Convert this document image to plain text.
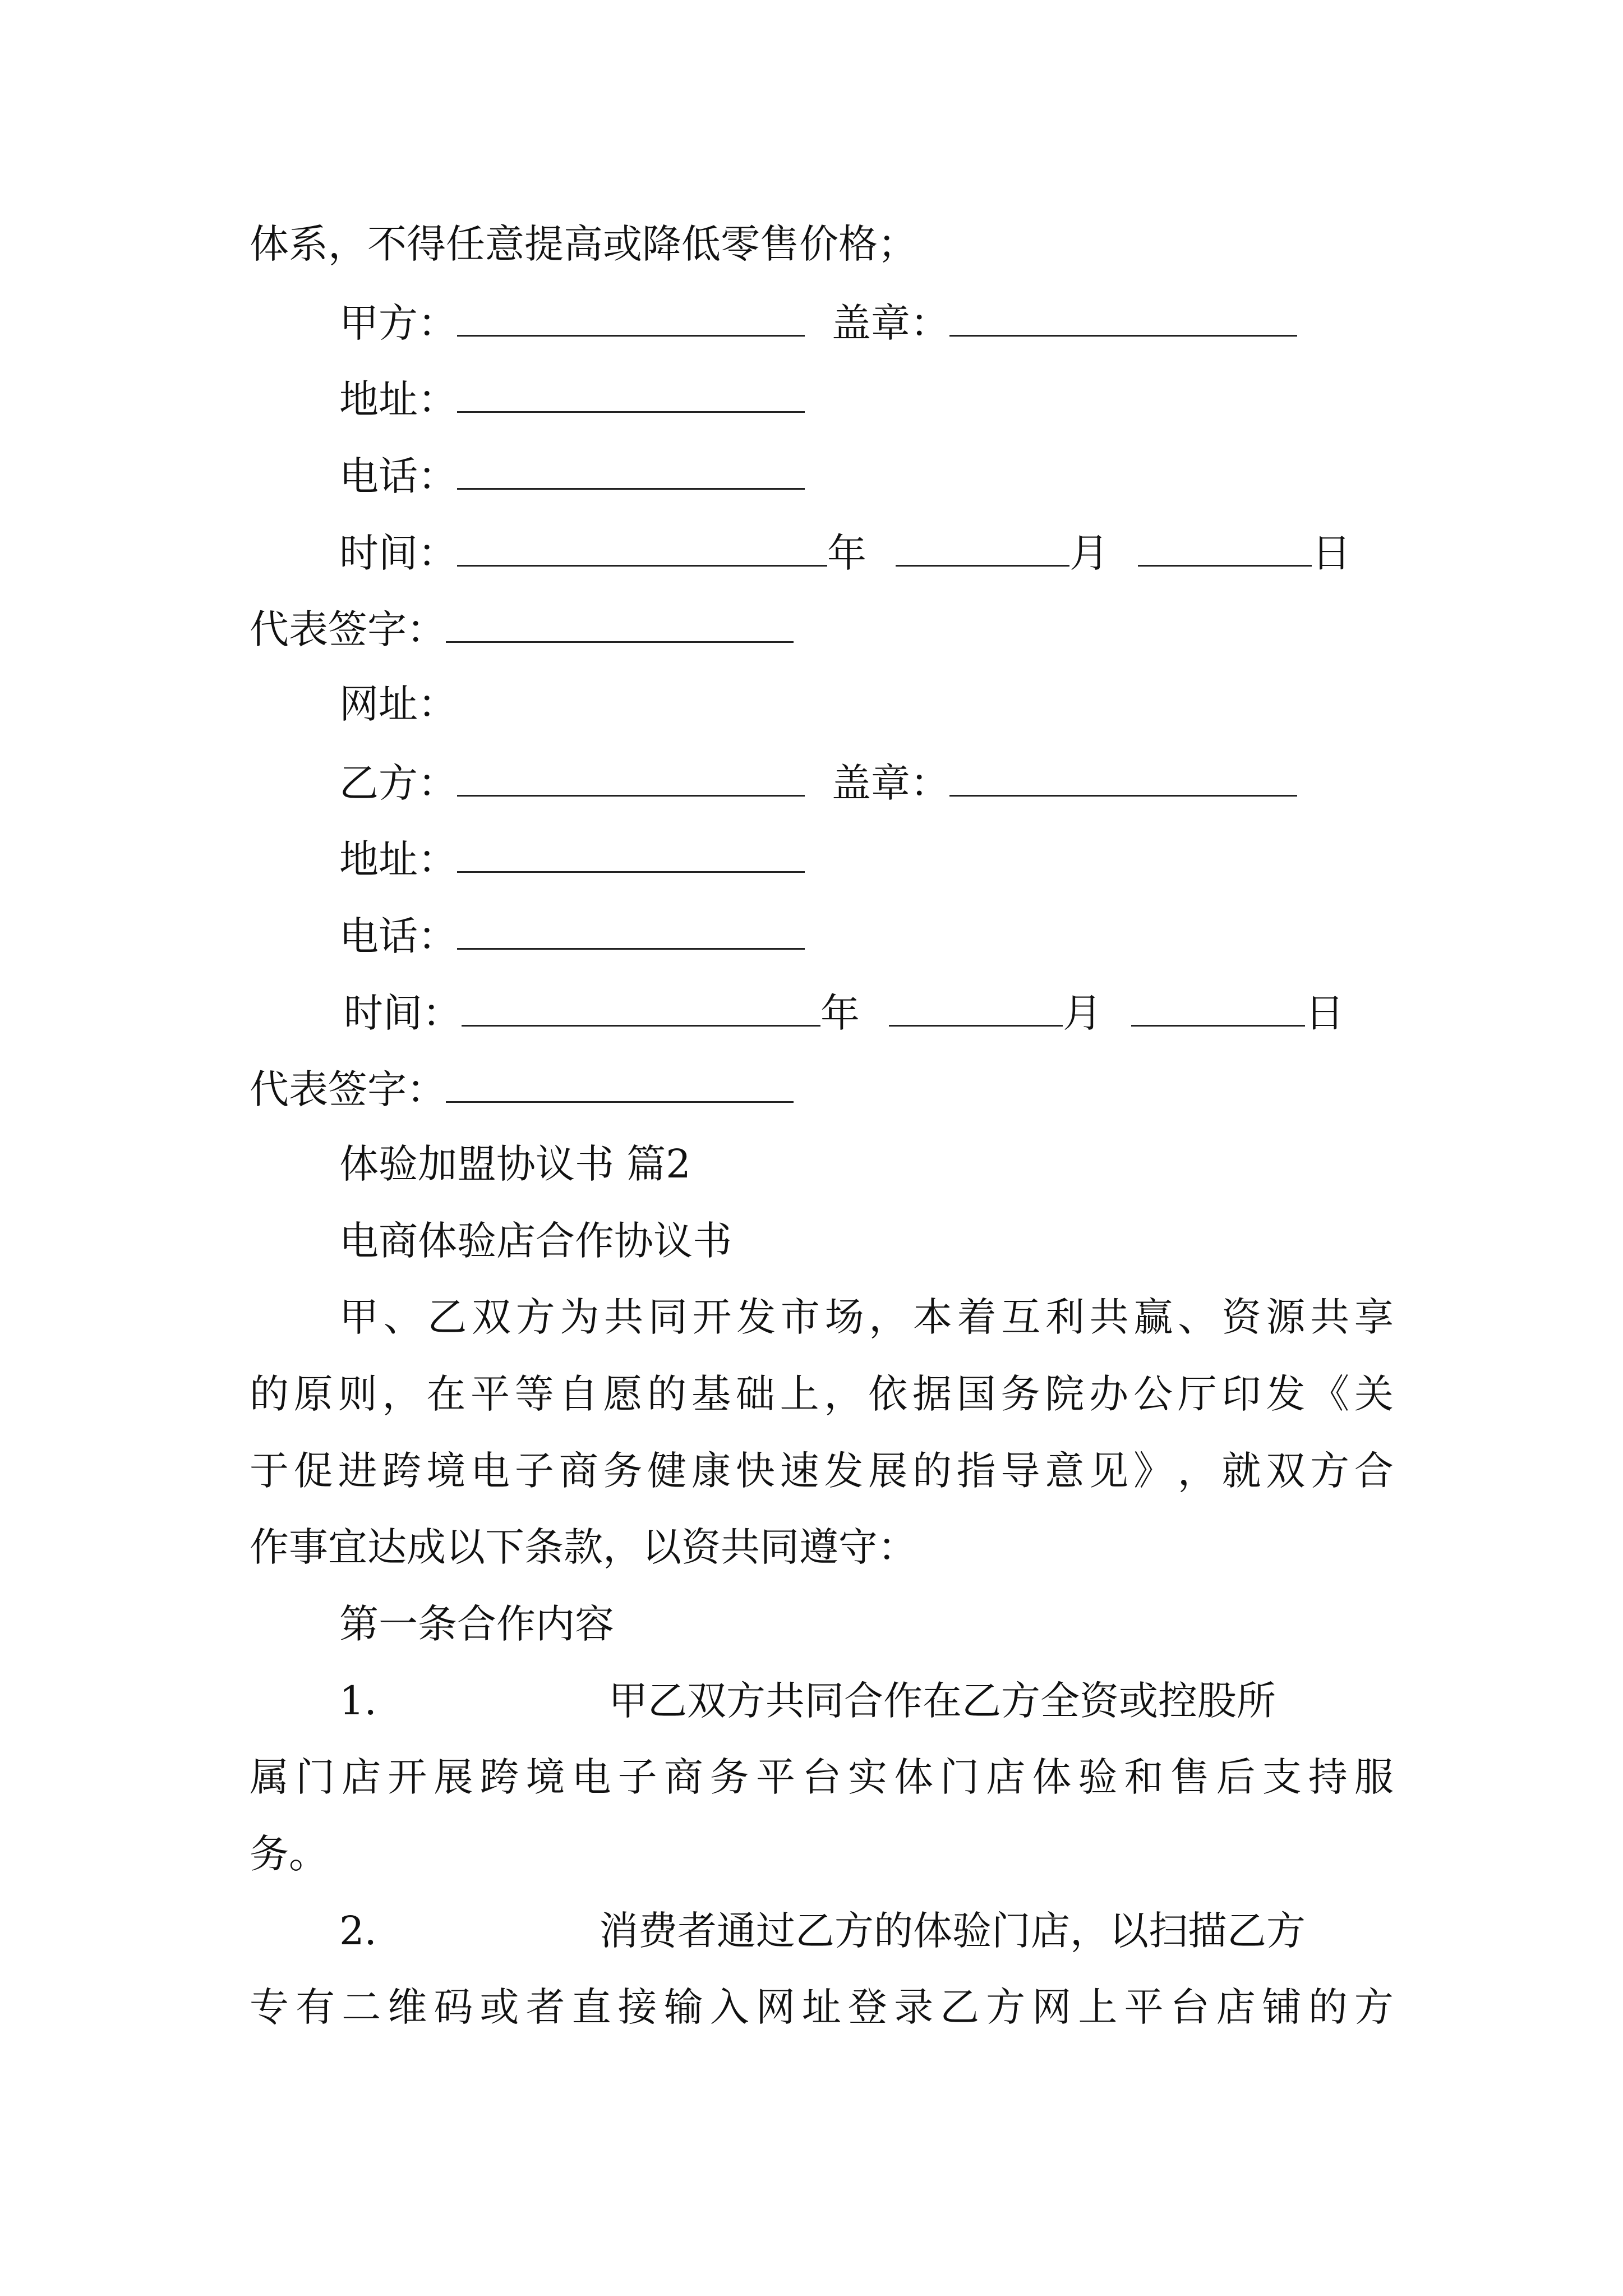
体系，不得任意提高或降低零售价格；
甲方：	盖章：
地址：
电话：
时间：	年	月	日
代表签字：
网址：
乙方：	盖章：
地址：
电话：
时间：	年	月	日
代表签字：
体验加盟协议书 篇2
电商体验店合作协议书
甲 、 乙 双 方 为 共 同 开 发 市 场 ， 本 着 互 利 共 赢 、 资 源 共 享
的 原 则 ， 在 平 等 自 愿 的 基 础 上 ， 依 据 国 务 院 办 公 厅 印 发 《 关
于 促 进 跨 境 电 子 商 务 健 康 快 速 发 展 的 指 导 意 见 》 ， 就 双 方 合
作事宜达成以下条款，以资共同遵守：
第一条合作内容
1.	甲乙双方共同合作在乙方全资或控股所
属 门 店 开 展 跨 境 电 子 商 务 平 台 实 体 门 店 体 验 和 售 后 支 持 服
务。
2.	消费者通过乙方的体验门店，以扫描乙方
专 有 二 维 码 或 者 直 接 输 入 网 址 登 录 乙 方 网 上 平 台 店 铺 的 方
